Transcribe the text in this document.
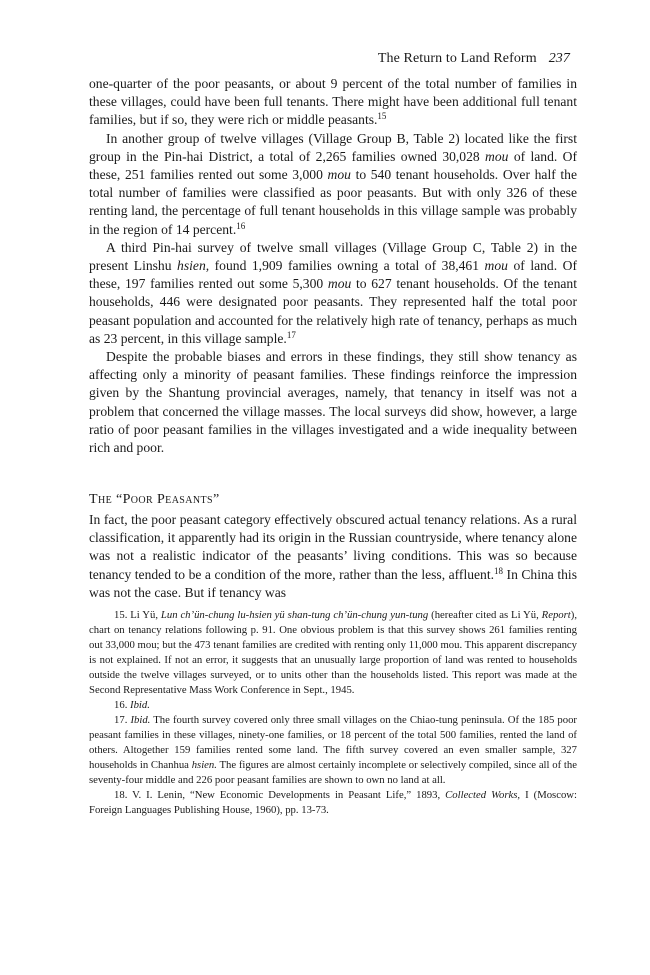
The Return to Land Reform 237

one-quarter of the poor peasants, or about 9 percent of the total number of families in these villages, could have been full tenants. There might have been additional full tenant families, but if so, they were rich or middle peasants.$^{15}$

In another group of twelve villages (Village Group B, Table 2) located like the first group in the Pin-hai District, a total of 2,265 families owned 30,028 mou of land. Of these, 251 families rented out some 3,000 mou to 540 tenant households. Over half the total number of families were classified as poor peasants. But with only 326 of these renting land, the percentage of full tenant households in this village sample was probably in the region of 14 percent.$^{16}$

A third Pin-hai survey of twelve small villages (Village Group C, Table 2) in the present Linshu hsien, found 1,909 families owning a total of 38,461 mou of land. Of these, 197 families rented out some 5,300 mou to 627 tenant households. Of the tenant households, 446 were designated poor peasants. They represented half the total poor peasant population and accounted for the relatively high rate of tenancy, perhaps as much as 23 percent, in this village sample.$^{17}$

Despite the probable biases and errors in these findings, they still show tenancy as affecting only a minority of peasant families. These findings reinforce the impression given by the Shantung provincial averages, namely, that tenancy in itself was not a problem that concerned the village masses. The local surveys did show, however, a large ratio of poor peasant families in the villages investigated and a wide inequality between rich and poor.

The “Poor Peasants”

In fact, the poor peasant category effectively obscured actual tenancy relations. As a rural classification, it apparently had its origin in the Russian countryside, where tenancy alone was not a realistic indicator of the peasants’ living conditions. This was so because tenancy tended to be a condition of the more, rather than the less, affluent.$^{18}$ In China this was not the case. But if tenancy was

15. Li Yü, Lun ch’ün-chung lu-hsien yü shan-tung ch’ün-chung yun-tung (hereafter cited as Li Yü, Report), chart on tenancy relations following p. 91. One obvious problem is that this survey shows 261 families renting out 33,000 mou; but the 473 tenant families are credited with renting only 11,000 mou. This apparent discrepancy is not explained. If not an error, it suggests that an unusually large proportion of land was rented to households outside the twelve villages surveyed, or to units other than the households listed. This report was made at the Second Representative Mass Work Conference in Sept., 1945.

16. Ibid.

17. Ibid. The fourth survey covered only three small villages on the Chiao-tung peninsula. Of the 185 poor peasant families in these villages, ninety-one families, or 18 percent of the total 500 families, rented the land of others. Altogether 159 families rented some land. The fifth survey covered an even smaller sample, 327 households in Chanhua hsien. The figures are almost certainly incomplete or selectively compiled, since all of the seventy-four middle and 226 poor peasant families are shown to own no land at all.

18. V. I. Lenin, “New Economic Developments in Peasant Life,” 1893, Collected Works, I (Moscow: Foreign Languages Publishing House, 1960), pp. 13-73.
